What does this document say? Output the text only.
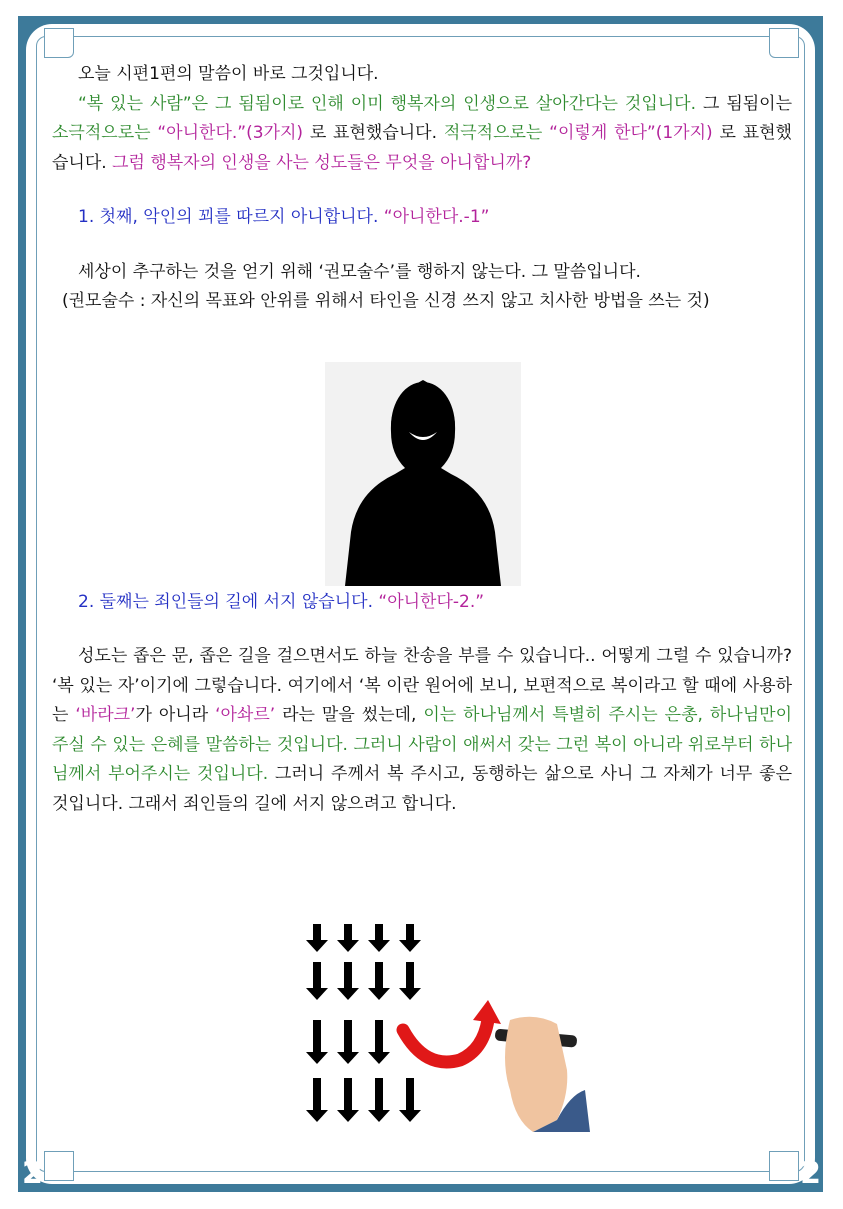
2	2

오늘 시편1편의 말씀이 바로 그것입니다.

“복 있는 사람”은 그 됨됨이로 인해 이미 행복자의 인생으로 살아간다는 것입니다. 그 됨됨이는 소극적으로는 “아니한다.”(3가지) 로 표현했습니다. 적극적으로는 “이렇게 한다”(1가지) 로 표현했습니다. 그럼 행복자의 인생을 사는 성도들은 무엇을 아니합니까?

1. 첫째, 악인의 꾀를 따르지 아니합니다. “아니한다.-1”

세상이 추구하는 것을 얻기 위해 ‘권모술수’를 행하지 않는다. 그 말씀입니다.

(권모술수 : 자신의 목표와 안위를 위해서 타인을 신경 쓰지 않고 치사한 방법을 쓰는 것)

2. 둘째는 죄인들의 길에 서지 않습니다. “아니한다-2.”

성도는 좁은 문, 좁은 길을 걸으면서도 하늘 찬송을 부를 수 있습니다.. 어떻게 그럴 수 있습니까? ‘복 있는 자’이기에 그렇습니다. 여기에서 ‘복 이란 원어에 보니, 보편적으로 복이라고 할 때에 사용하는 ‘바라크’가 아니라 ‘아솨르’ 라는 말을 썼는데, 이는 하나님께서 특별히 주시는 은총, 하나님만이 주실 수 있는 은혜를 말씀하는 것입니다. 그러니 사람이 애써서 갖는 그런 복이 아니라 위로부터 하나님께서 부어주시는 것입니다. 그러니 주께서 복 주시고, 동행하는 삶으로 사니 그 자체가 너무 좋은 것입니다. 그래서 죄인들의 길에 서지 않으려고 합니다.
